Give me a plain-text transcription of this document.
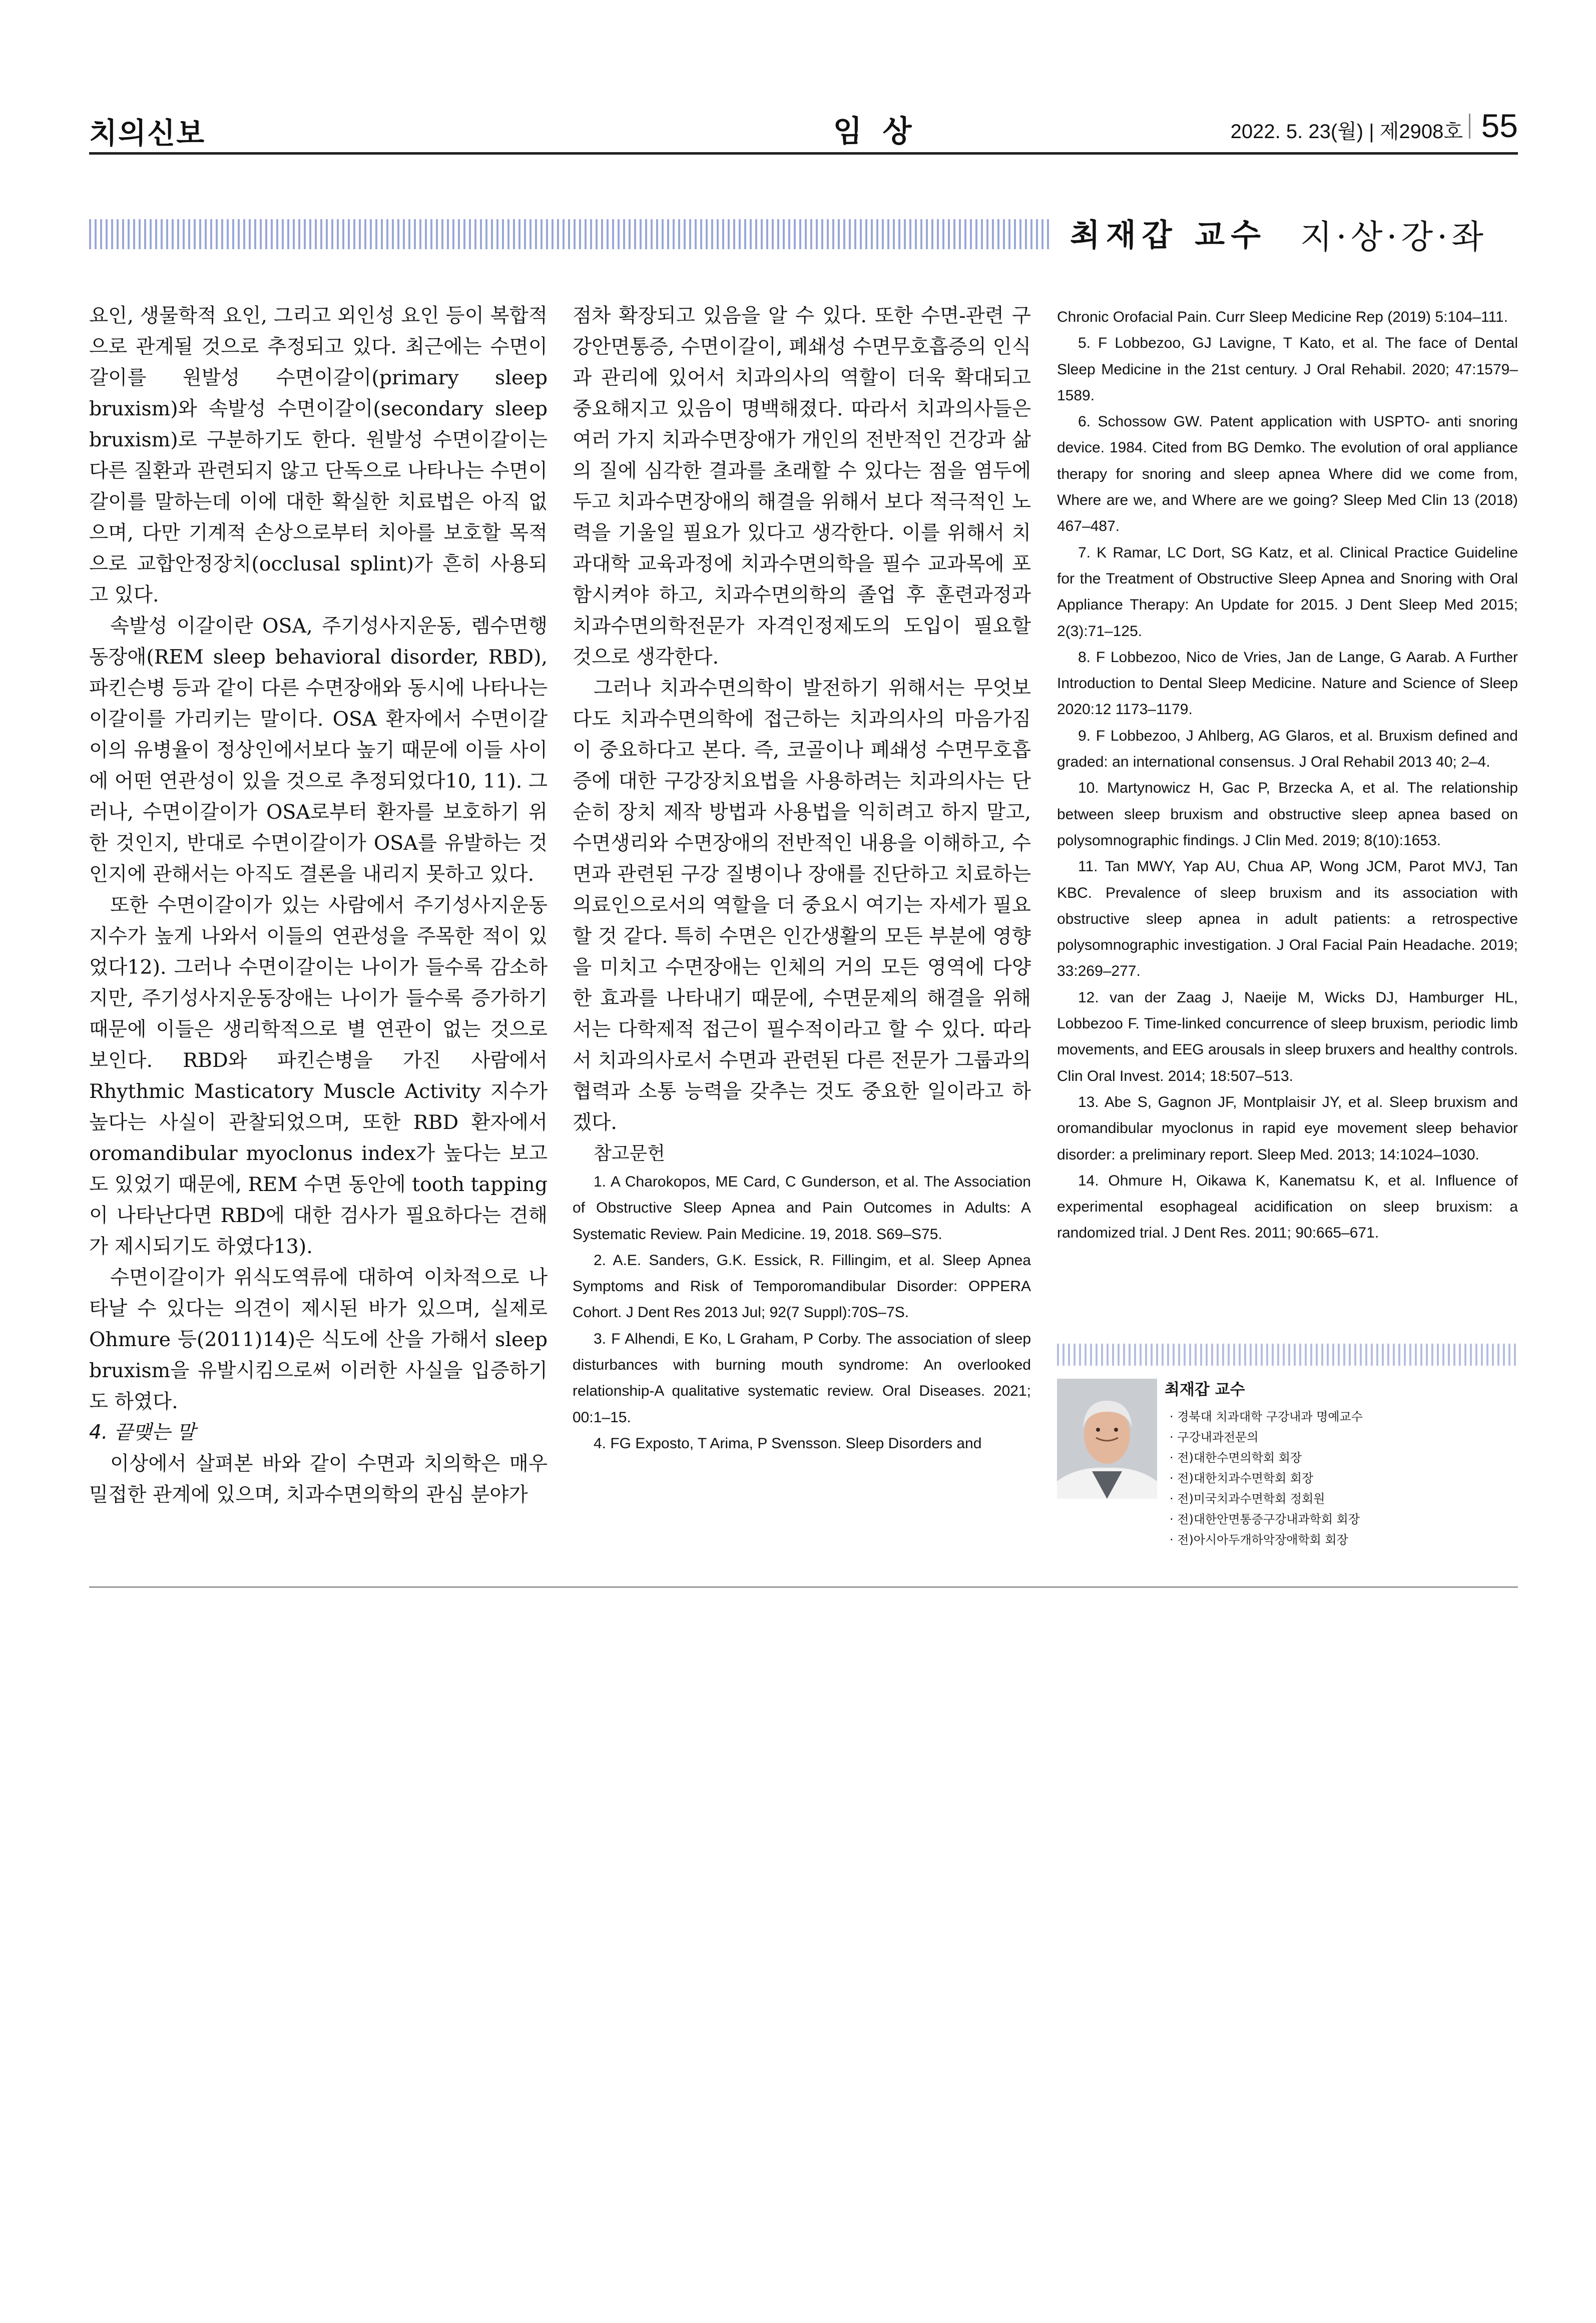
치의신보	임 상	2022. 5. 23(월) | 제2908호 55
최재갑 교수 지·상·강·좌

요인, 생물학적 요인, 그리고 외인성 요인 등이 복합적으로 관계될 것으로 추정되고 있다. 최근에는 수면이갈이를 원발성 수면이갈이(primary sleep bruxism)와 속발성 수면이갈이(secondary sleep bruxism)로 구분하기도 한다. 원발성 수면이갈이는 다른 질환과 관련되지 않고 단독으로 나타나는 수면이갈이를 말하는데 이에 대한 확실한 치료법은 아직 없으며, 다만 기계적 손상으로부터 치아를 보호할 목적으로 교합안정장치(occlusal splint)가 흔히 사용되고 있다.

속발성 이갈이란 OSA, 주기성사지운동, 렘수면행동장애(REM sleep behavioral disorder, RBD), 파킨슨병 등과 같이 다른 수면장애와 동시에 나타나는 이갈이를 가리키는 말이다. OSA 환자에서 수면이갈이의 유병율이 정상인에서보다 높기 때문에 이들 사이에 어떤 연관성이 있을 것으로 추정되었다10, 11). 그러나, 수면이갈이가 OSA로부터 환자를 보호하기 위한 것인지, 반대로 수면이갈이가 OSA를 유발하는 것인지에 관해서는 아직도 결론을 내리지 못하고 있다.

또한 수면이갈이가 있는 사람에서 주기성사지운동지수가 높게 나와서 이들의 연관성을 주목한 적이 있었다12). 그러나 수면이갈이는 나이가 들수록 감소하지만, 주기성사지운동장애는 나이가 들수록 증가하기 때문에 이들은 생리학적으로 별 연관이 없는 것으로 보인다. RBD와 파킨슨병을 가진 사람에서 Rhythmic Masticatory Muscle Activity 지수가 높다는 사실이 관찰되었으며, 또한 RBD 환자에서 oromandibular myoclonus index가 높다는 보고도 있었기 때문에, REM 수면 동안에 tooth tapping이 나타난다면 RBD에 대한 검사가 필요하다는 견해가 제시되기도 하였다13).

수면이갈이가 위식도역류에 대하여 이차적으로 나타날 수 있다는 의견이 제시된 바가 있으며, 실제로 Ohmure 등(2011)14)은 식도에 산을 가해서 sleep bruxism을 유발시킴으로써 이러한 사실을 입증하기도 하였다.

4. 끝맺는 말

이상에서 살펴본 바와 같이 수면과 치의학은 매우 밀접한 관계에 있으며, 치과수면의학의 관심 분야가

점차 확장되고 있음을 알 수 있다. 또한 수면-관련 구강안면통증, 수면이갈이, 폐쇄성 수면무호흡증의 인식과 관리에 있어서 치과의사의 역할이 더욱 확대되고 중요해지고 있음이 명백해졌다. 따라서 치과의사들은 여러 가지 치과수면장애가 개인의 전반적인 건강과 삶의 질에 심각한 결과를 초래할 수 있다는 점을 염두에 두고 치과수면장애의 해결을 위해서 보다 적극적인 노력을 기울일 필요가 있다고 생각한다. 이를 위해서 치과대학 교육과정에 치과수면의학을 필수 교과목에 포함시켜야 하고, 치과수면의학의 졸업 후 훈련과정과 치과수면의학전문가 자격인정제도의 도입이 필요할 것으로 생각한다.

그러나 치과수면의학이 발전하기 위해서는 무엇보다도 치과수면의학에 접근하는 치과의사의 마음가짐이 중요하다고 본다. 즉, 코골이나 폐쇄성 수면무호흡증에 대한 구강장치요법을 사용하려는 치과의사는 단순히 장치 제작 방법과 사용법을 익히려고 하지 말고, 수면생리와 수면장애의 전반적인 내용을 이해하고, 수면과 관련된 구강 질병이나 장애를 진단하고 치료하는 의료인으로서의 역할을 더 중요시 여기는 자세가 필요할 것 같다. 특히 수면은 인간생활의 모든 부분에 영향을 미치고 수면장애는 인체의 거의 모든 영역에 다양한 효과를 나타내기 때문에, 수면문제의 해결을 위해서는 다학제적 접근이 필수적이라고 할 수 있다. 따라서 치과의사로서 수면과 관련된 다른 전문가 그룹과의 협력과 소통 능력을 갖추는 것도 중요한 일이라고 하겠다.

참고문헌

1. A Charokopos, ME Card, C Gunderson, et al. The Association of Obstructive Sleep Apnea and Pain Outcomes in Adults: A Systematic Review. Pain Medicine. 19, 2018. S69–S75.

2. A.E. Sanders, G.K. Essick, R. Fillingim, et al. Sleep Apnea Symptoms and Risk of Temporomandibular Disorder: OPPERA Cohort. J Dent Res 2013 Jul; 92(7 Suppl):70S–7S.

3. F Alhendi, E Ko, L Graham, P Corby. The association of sleep disturbances with burning mouth syndrome: An overlooked relationship-A qualitative systematic review. Oral Diseases. 2021; 00:1–15.

4. FG Exposto, T Arima, P Svensson. Sleep Disorders and

Chronic Orofacial Pain. Curr Sleep Medicine Rep (2019) 5:104–111.

5. F Lobbezoo, GJ Lavigne, T Kato, et al. The face of Dental Sleep Medicine in the 21st century. J Oral Rehabil. 2020; 47:1579–1589.

6. Schossow GW. Patent application with USPTO- anti snoring device. 1984. Cited from BG Demko. The evolution of oral appliance therapy for snoring and sleep apnea Where did we come from, Where are we, and Where are we going? Sleep Med Clin 13 (2018) 467–487.

7. K Ramar, LC Dort, SG Katz, et al. Clinical Practice Guideline for the Treatment of Obstructive Sleep Apnea and Snoring with Oral Appliance Therapy: An Update for 2015. J Dent Sleep Med 2015; 2(3):71–125.

8. F Lobbezoo, Nico de Vries, Jan de Lange, G Aarab. A Further Introduction to Dental Sleep Medicine. Nature and Science of Sleep 2020:12 1173–1179.

9. F Lobbezoo, J Ahlberg, AG Glaros, et al. Bruxism defined and graded: an international consensus. J Oral Rehabil 2013 40; 2–4.

10. Martynowicz H, Gac P, Brzecka A, et al. The relationship between sleep bruxism and obstructive sleep apnea based on polysomnographic findings. J Clin Med. 2019; 8(10):1653.

11. Tan MWY, Yap AU, Chua AP, Wong JCM, Parot MVJ, Tan KBC. Prevalence of sleep bruxism and its association with obstructive sleep apnea in adult patients: a retrospective polysomnographic investigation. J Oral Facial Pain Headache. 2019; 33:269–277.

12. van der Zaag J, Naeije M, Wicks DJ, Hamburger HL, Lobbezoo F. Time-linked concurrence of sleep bruxism, periodic limb movements, and EEG arousals in sleep bruxers and healthy controls. Clin Oral Invest. 2014; 18:507–513.

13. Abe S, Gagnon JF, Montplaisir JY, et al. Sleep bruxism and oromandibular myoclonus in rapid eye movement sleep behavior disorder: a preliminary report. Sleep Med. 2013; 14:1024–1030.

14. Ohmure H, Oikawa K, Kanematsu K, et al. Influence of experimental esophageal acidification on sleep bruxism: a randomized trial. J Dent Res. 2011; 90:665–671.

최재갑 교수
· 경북대 치과대학 구강내과 명예교수
· 구강내과전문의
· 전)대한수면의학회 회장
· 전)대한치과수면학회 회장
· 전)미국치과수면학회 정회원
· 전)대한안면통증구강내과학회 회장
· 전)아시아두개하악장애학회 회장
